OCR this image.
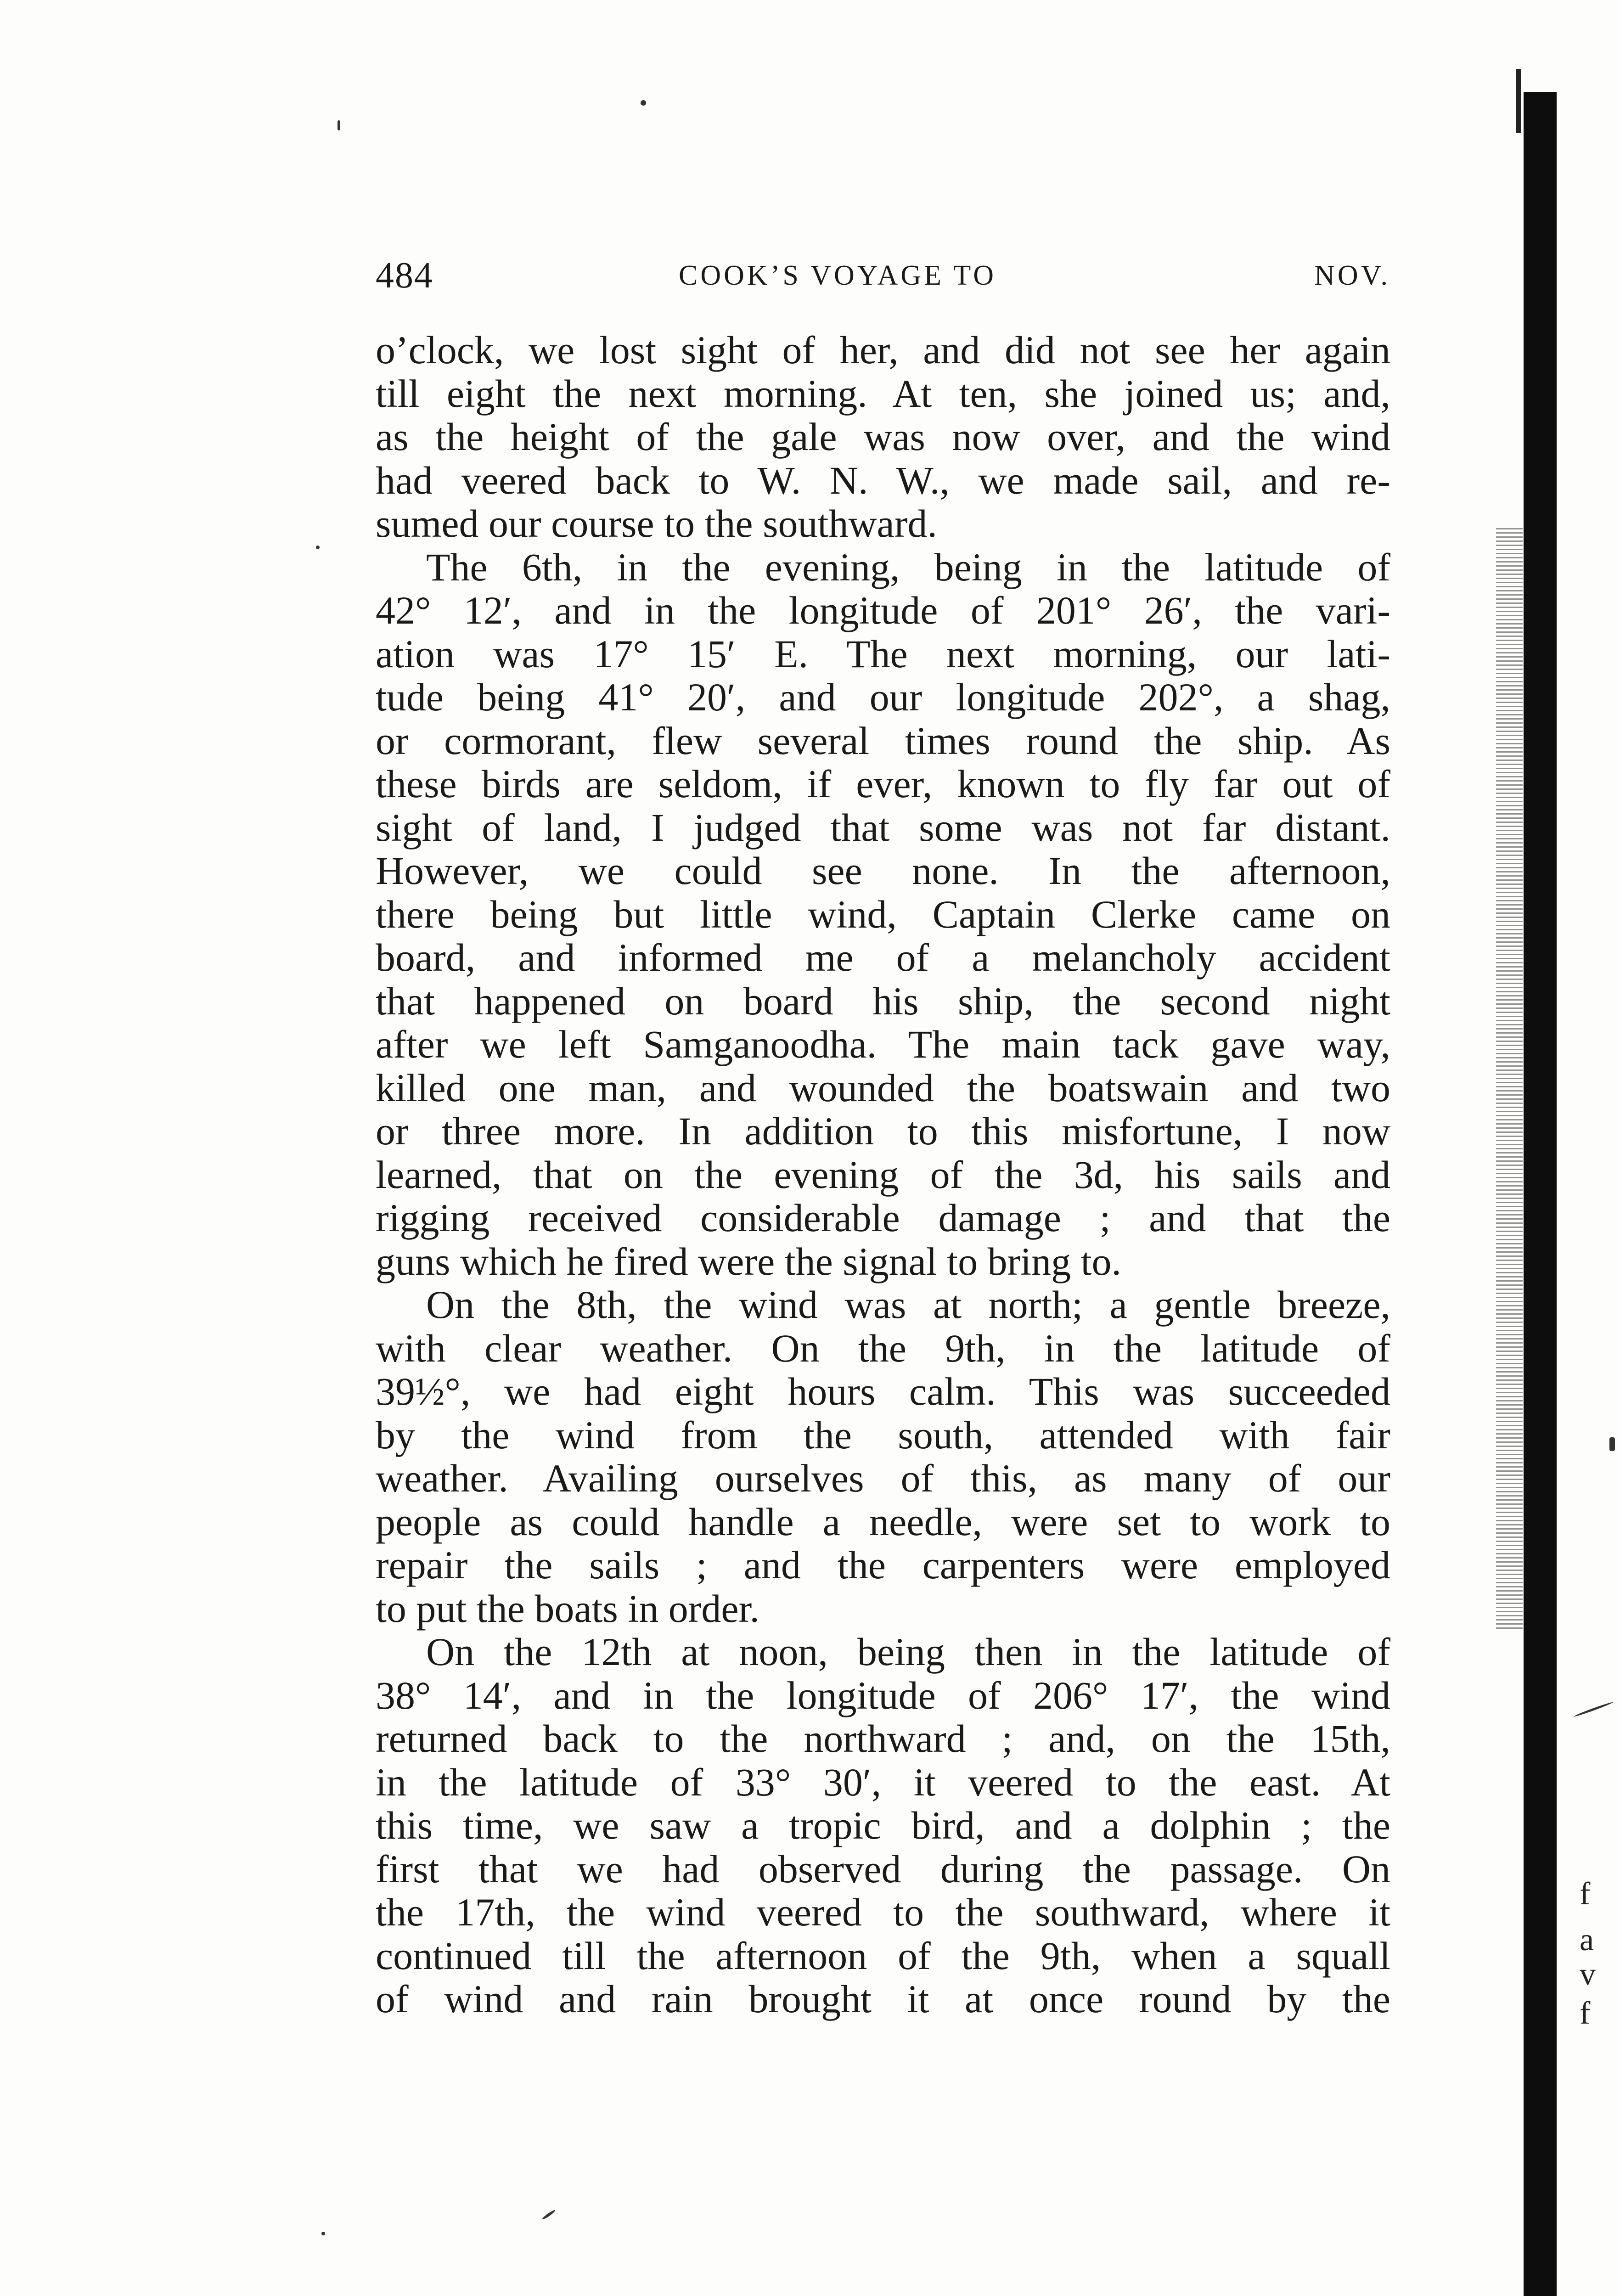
484	COOK’S VOYAGE TO	NOV.
o’clock, we lost sight of her, and did not see her again
till eight the next morning. At ten, she joined us; and,
as the height of the gale was now over, and the wind
had veered back to W. N. W., we made sail, and re-
sumed our course to the southward.
The 6th, in the evening, being in the latitude of
42° 12′, and in the longitude of 201° 26′, the vari-
ation was 17° 15′ E. The next morning, our lati-
tude being 41° 20′, and our longitude 202°, a shag,
or cormorant, flew several times round the ship. As
these birds are seldom, if ever, known to fly far out of
sight of land, I judged that some was not far distant.
However, we could see none. In the afternoon,
there being but little wind, Captain Clerke came on
board, and informed me of a melancholy accident
that happened on board his ship, the second night
after we left Samganoodha. The main tack gave way,
killed one man, and wounded the boatswain and two
or three more. In addition to this misfortune, I now
learned, that on the evening of the 3d, his sails and
rigging received considerable damage ; and that the
guns which he fired were the signal to bring to.
On the 8th, the wind was at north; a gentle breeze,
with clear weather. On the 9th, in the latitude of
39½°, we had eight hours calm. This was succeeded
by the wind from the south, attended with fair
weather. Availing ourselves of this, as many of our
people as could handle a needle, were set to work to
repair the sails ; and the carpenters were employed
to put the boats in order.
On the 12th at noon, being then in the latitude of
38° 14′, and in the longitude of 206° 17′, the wind
returned back to the northward ; and, on the 15th,
in the latitude of 33° 30′, it veered to the east. At
this time, we saw a tropic bird, and a dolphin ; the
first that we had observed during the passage. On
the 17th, the wind veered to the southward, where it
continued till the afternoon of the 9th, when a squall
of wind and rain brought it at once round by the
f
a
v
f
